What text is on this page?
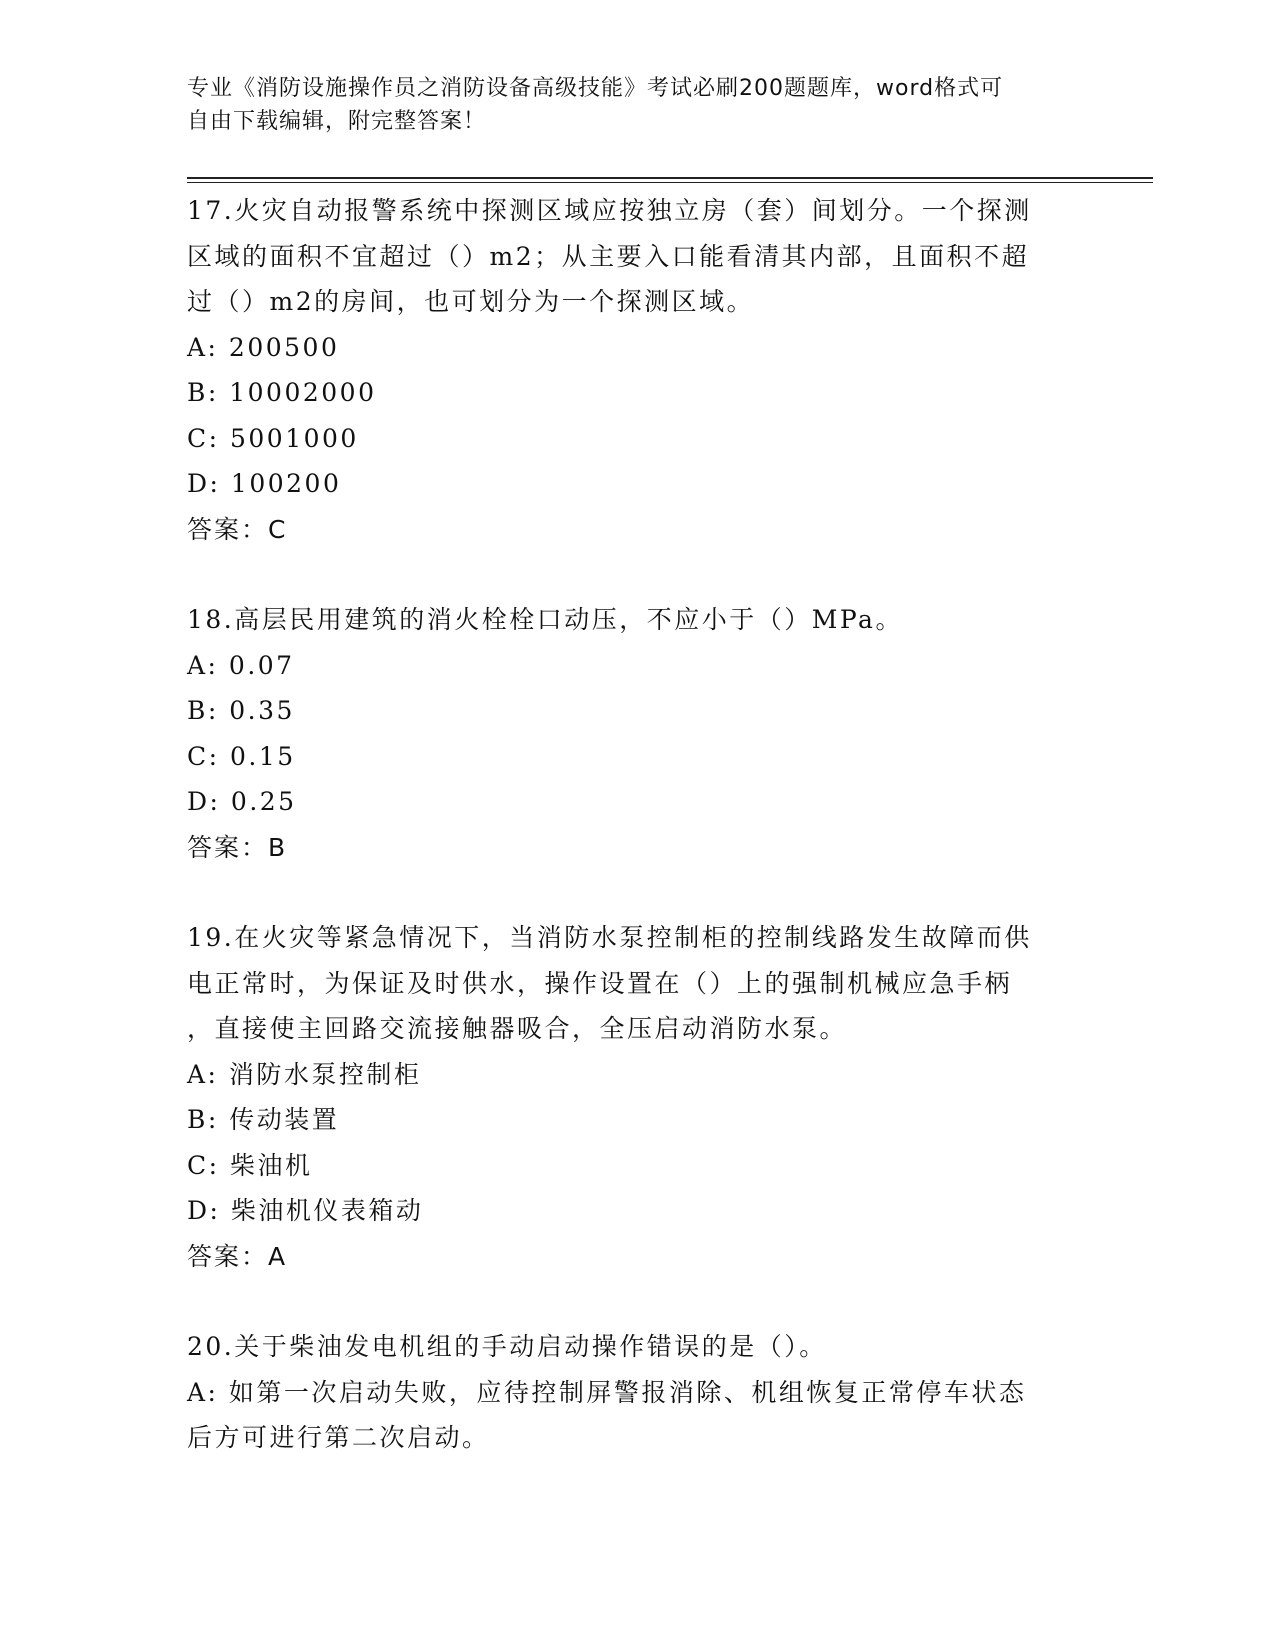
专业《消防设施操作员之消防设备高级技能》考试必刷200题题库，word格式可

自由下载编辑，附完整答案！

17.火灾自动报警系统中探测区域应按独立房（套）间划分。一个探测

区域的面积不宜超过（）m2；从主要入口能看清其内部，且面积不超

过（）m2的房间，也可划分为一个探测区域。

A: 200500

B: 10002000

C: 5001000

D: 100200

答案：C

18.高层民用建筑的消火栓栓口动压，不应小于（）MPa。

A: 0.07

B: 0.35

C: 0.15

D: 0.25

答案：B

19.在火灾等紧急情况下，当消防水泵控制柜的控制线路发生故障而供

电正常时，为保证及时供水，操作设置在（）上的强制机械应急手柄

，直接使主回路交流接触器吸合，全压启动消防水泵。

A: 消防水泵控制柜

B: 传动装置

C: 柴油机

D: 柴油机仪表箱动

答案：A

20.关于柴油发电机组的手动启动操作错误的是（）。

A: 如第一次启动失败，应待控制屏警报消除、机组恢复正常停车状态

后方可进行第二次启动。
